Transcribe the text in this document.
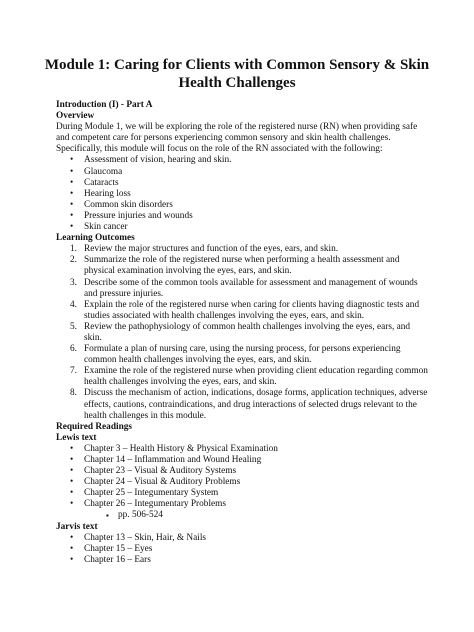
Module 1: Caring for Clients with Common Sensory & Skin
Health Challenges

Introduction (I) - Part A

Overview

During Module 1, we will be exploring the role of the registered nurse (RN) when providing safe and competent care for persons experiencing common sensory and skin health challenges. Specifically, this module will focus on the role of the RN associated with the following:

• Assessment of vision, hearing and skin.
• Glaucoma
• Cataracts
• Hearing loss
• Common skin disorders
• Pressure injuries and wounds
• Skin cancer

Learning Outcomes

1. Review the major structures and function of the eyes, ears, and skin.
2. Summarize the role of the registered nurse when performing a health assessment and physical examination involving the eyes, ears, and skin.
3. Describe some of the common tools available for assessment and management of wounds and pressure injuries.
4. Explain the role of the registered nurse when caring for clients having diagnostic tests and studies associated with health challenges involving the eyes, ears, and skin.
5. Review the pathophysiology of common health challenges involving the eyes, ears, and skin.
6. Formulate a plan of nursing care, using the nursing process, for persons experiencing common health challenges involving the eyes, ears, and skin.
7. Examine the role of the registered nurse when providing client education regarding common health challenges involving the eyes, ears, and skin.
8. Discuss the mechanism of action, indications, dosage forms, application techniques, adverse effects, cautions, contraindications, and drug interactions of selected drugs relevant to the health challenges in this module.

Required Readings

Lewis text

• Chapter 3 – Health History & Physical Examination
• Chapter 14 – Inflammation and Wound Healing
• Chapter 23 – Visual & Auditory Systems
• Chapter 24 – Visual & Auditory Problems
• Chapter 25 – Integumentary System
• Chapter 26 – Integumentary Problems
▪ pp. 506-524

Jarvis text

• Chapter 13 – Skin, Hair, & Nails
• Chapter 15 – Eyes
• Chapter 16 – Ears
